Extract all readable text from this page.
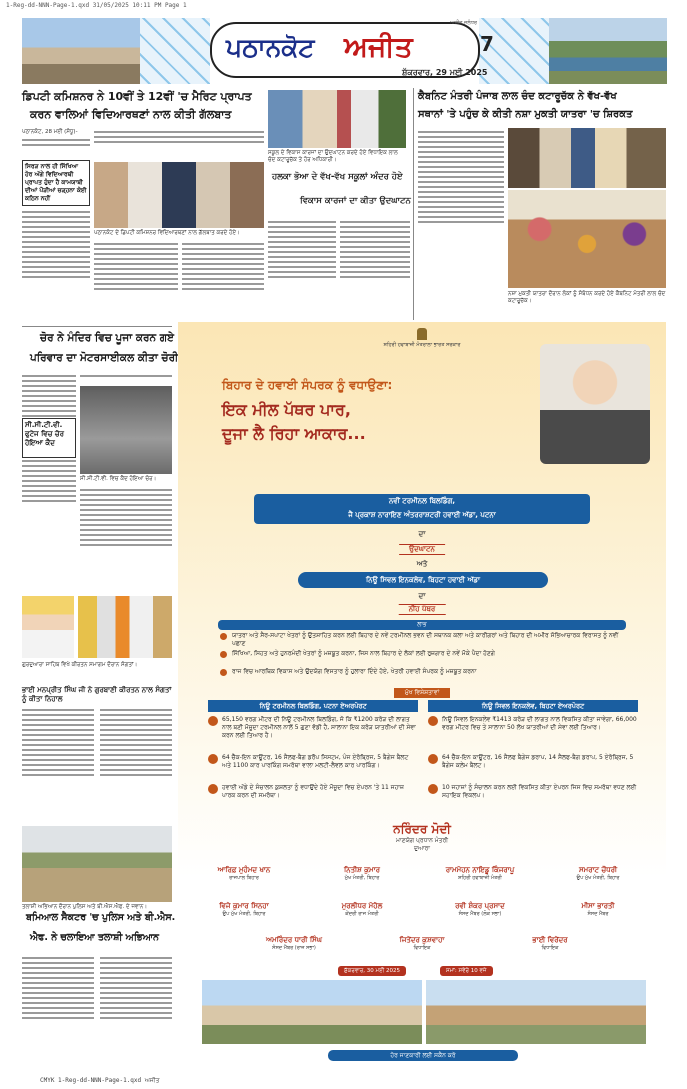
1-Reg-dd-NNN-Page-1.qxd 31/05/2025 10:11 PM Page 1
ਪਠਾਨਕੋਟ ਅਜੀਤ
ਅਜੀਤ ਜਲੰਧਰ
7
ਸ਼ੁੱਕਰਵਾਰ, 29 ਮਈ 2025
ਡਿਪਟੀ ਕਮਿਸ਼ਨਰ ਨੇ 10ਵੀਂ ਤੇ 12ਵੀਂ 'ਚ ਮੈਰਿਟ ਪ੍ਰਾਪਤ
ਕਰਨ ਵਾਲਿਆਂ ਵਿਦਿਆਰਥਣਾਂ ਨਾਲ ਕੀਤੀ ਗੱਲਬਾਤ
ਪਠਾਨਕੋਟ, 28 ਮਈ (ਸੰਧੂ)-
ਸਿਰੜ ਨਾਲ ਹੀ ਸਿੱਖਿਆ ਹੋਰ ਅੱਗੇ ਵਿਦਿਆਰਥੀ ਪ੍ਰਾਪਤ ਹੁੰਦਾ ਹੈ ਕਾਮਯਾਬੀ ਦੀਆਂ ਪੌੜੀਆਂ ਚੜ੍ਹਨਾ ਕੋਈ ਕਠਿਨ ਨਹੀਂ
ਪਠਾਨਕੋਟ ਦੇ ਡਿਪਟੀ ਕਮਿਸ਼ਨਰ ਵਿਦਿਆਰਥਣਾਂ ਨਾਲ ਗੱਲਬਾਤ ਕਰਦੇ ਹੋਏ।
ਸਕੂਲ ਦੇ ਵਿਕਾਸ ਕਾਰਜਾਂ ਦਾ ਉਦਘਾਟਨ ਕਰਦੇ ਹੋਏ ਵਿਧਾਇਕ ਲਾਲ ਚੰਦ ਕਟਾਰੂਚੱਕ ਤੇ ਹੋਰ ਅਧਿਕਾਰੀ।
ਹਲਕਾ ਭੋਆ ਦੇ ਵੱਖ-ਵੱਖ ਸਕੂਲਾਂ ਅੰਦਰ ਹੋਏ
ਵਿਕਾਸ ਕਾਰਜਾਂ ਦਾ ਕੀਤਾ ਉਦਘਾਟਨ
ਕੈਬਨਿਟ ਮੰਤਰੀ ਪੰਜਾਬ ਲਾਲ ਚੰਦ ਕਟਾਰੂਚੱਕ ਨੇ ਵੱਖ-ਵੱਖ
ਸਥਾਨਾਂ 'ਤੇ ਪਹੁੰਚ ਕੇ ਕੀਤੀ ਨਸ਼ਾ ਮੁਕਤੀ ਯਾਤਰਾ 'ਚ ਸ਼ਿਰਕਤ
ਨਸ਼ਾ ਮੁਕਤੀ ਯਾਤਰਾ ਦੌਰਾਨ ਲੋਕਾਂ ਨੂੰ ਸੰਬੋਧਨ ਕਰਦੇ ਹੋਏ ਕੈਬਨਿਟ ਮੰਤਰੀ ਲਾਲ ਚੰਦ ਕਟਾਰੂਚੱਕ।
ਚੋਰ ਨੇ ਮੰਦਿਰ ਵਿਚ ਪੂਜਾ ਕਰਨ ਗਏ
ਪਰਿਵਾਰ ਦਾ ਮੋਟਰਸਾਈਕਲ ਕੀਤਾ ਚੋਰੀ
ਸੀ.ਸੀ.ਟੀ.ਵੀ. ਫੁਟੇਜ ਵਿਚ ਚੋਰ ਹੋਇਆ ਕੈਦ
ਸੀ.ਸੀ.ਟੀ.ਵੀ. ਵਿਚ ਕੈਦ ਹੋਇਆ ਚੋਰ।
ਗੁਰਦੁਆਰਾ ਸਾਹਿਬ ਵਿਖੇ ਕੀਰਤਨ ਸਮਾਗਮ ਦੌਰਾਨ ਸੰਗਤਾਂ।
ਭਾਈ ਮਨਪ੍ਰੀਤ ਸਿੰਘ ਜੀ ਨੇ ਗੁਰਬਾਣੀ ਕੀਰਤਨ ਨਾਲ ਸੰਗਤਾਂ ਨੂੰ ਕੀਤਾ ਨਿਹਾਲ
ਤਲਾਸ਼ੀ ਅਭਿਆਨ ਦੌਰਾਨ ਪੁਲਿਸ ਅਤੇ ਬੀ.ਐਸ.ਐਫ. ਦੇ ਜਵਾਨ।
ਬਮਿਆਲ ਸੈਕਟਰ 'ਚ ਪੁਲਿਸ ਅਤੇ ਬੀ.ਐਸ.
ਐਫ. ਨੇ ਚਲਾਇਆ ਤਲਾਸ਼ੀ ਅਭਿਆਨ
ਸ਼ਹਿਰੀ ਹਵਾਬਾਜ਼ੀ ਮੰਤਰਾਲਾ ਭਾਰਤ ਸਰਕਾਰ
ਬਿਹਾਰ ਦੇ ਹਵਾਈ ਸੰਪਰਕ ਨੂੰ ਵਧਾਉਣਾ:
ਇਕ ਮੀਲ ਪੱਥਰ ਪਾਰ,
ਦੂਜਾ ਲੈ ਰਿਹਾ ਆਕਾਰ...
ਨਵੀਂ ਟਰਮੀਨਲ ਬਿਲਡਿੰਗ,
ਜੈ ਪ੍ਰਕਾਸ਼ ਨਾਰਾਇਣ ਅੰਤਰਰਾਸ਼ਟਰੀ ਹਵਾਈ ਅੱਡਾ, ਪਟਨਾ
ਦਾ
ਉਦਘਾਟਨ
ਅਤੇ
ਨਿਊ ਸਿਵਲ ਇਨਕਲੇਵ, ਬਿਹਟਾ ਹਵਾਈ ਅੱਡਾ
ਦਾ
ਨੀਂਹ ਪੱਥਰ
ਲਾਭ
ਯਾਤਰਾ ਅਤੇ ਸੈਰ-ਸਪਾਟਾ ਖੇਤਰਾਂ ਨੂੰ ਉਤਸ਼ਾਹਿਤ ਕਰਨ ਲਈ ਬਿਹਾਰ ਦੇ ਨਵੇਂ ਟਰਮੀਨਲ ਭਵਨ ਦੀ ਸਥਾਨਕ ਕਲਾ ਅਤੇ ਕਾਰੀਗਰਾਂ ਅਤੇ ਬਿਹਾਰ ਦੀ ਅਮੀਰ ਸੱਭਿਆਚਾਰਕ ਵਿਰਾਸਤ ਨੂੰ ਨਵੀਂ ਪਛਾਣ
ਸਿੱਖਿਆ, ਸਿਹਤ ਅਤੇ ਹੁਨਰਮੰਦੀ ਖੇਤਰਾਂ ਨੂੰ ਮਜ਼ਬੂਤ ਕਰਨਾ, ਜਿਸ ਨਾਲ ਬਿਹਾਰ ਦੇ ਲੋਕਾਂ ਲਈ ਰੁਜ਼ਗਾਰ ਦੇ ਨਵੇਂ ਮੌਕੇ ਪੈਦਾ ਹੋਣਗੇ
ਰਾਜ ਵਿਚ ਆਰਥਿਕ ਵਿਕਾਸ ਅਤੇ ਉਦਯੋਗ ਵਿਸਤਾਰ ਨੂੰ ਹੁਲਾਰਾ ਦਿੰਦੇ ਹੋਏ, ਖੇਤਰੀ ਹਵਾਈ ਸੰਪਰਕ ਨੂੰ ਮਜ਼ਬੂਤ ਕਰਨਾ
ਮੁੱਖ ਵਿਸ਼ੇਸ਼ਤਾਵਾਂ
ਨਿਊ ਟਰਮੀਨਲ ਬਿਲਡਿੰਗ, ਪਟਨਾ ਏਅਰਪੋਰਟ	ਨਿਊ ਸਿਵਲ ਇਨਕਲੇਵ, ਬਿਹਟਾ ਏਅਰਪੋਰਟ
65,150 ਵਰਗ ਮੀਟਰ ਦੀ ਨਿਊ ਟਰਮੀਨਲ ਬਿਲਡਿੰਗ, ਜੋ ਕਿ ₹1200 ਕਰੋੜ ਦੀ ਲਾਗਤ ਨਾਲ ਬਣੀ ਮੌਜੂਦਾ ਟਰਮੀਨਲ ਨਾਲੋਂ 5 ਗੁਣਾ ਵੱਡੀ ਹੈ, ਸਾਲਾਨਾ ਇਕ ਕਰੋੜ ਯਾਤਰੀਆਂ ਦੀ ਸੇਵਾ ਕਰਨ ਲਈ ਤਿਆਰ ਹੈ।
64 ਚੈੱਕ-ਇਨ ਕਾਊਂਟਰ, 16 ਸੈਲਫ-ਬੈਗ ਡਰੌਪ ਸਿਸਟਮ, ਪੰਜ ਏਰੋਬ੍ਰਿਜ, 5 ਬੈਗੇਜ ਬੈਲਟ ਅਤੇ 1100 ਕਾਰ ਪਾਰਕਿੰਗ ਸਮਰੱਥਾ ਵਾਲਾ ਮਲਟੀ-ਲੈਵਲ ਕਾਰ ਪਾਰਕਿੰਗ।
ਹਵਾਈ ਅੱਡੇ ਦੇ ਸੰਚਾਲਨ ਕੁਸ਼ਲਤਾ ਨੂੰ ਵਧਾਉਂਦੇ ਹੋਏ ਮੌਜੂਦਾ ਵਿਚ ਏਪਰਨ 'ਤੇ 11 ਜਹਾਜ਼ ਪਾਰਕ ਕਰਨ ਦੀ ਸਮਰੱਥਾ।
ਨਿਊ ਸਿਵਲ ਇਨਕਲੇਵ ₹1413 ਕਰੋੜ ਦੀ ਲਾਗਤ ਨਾਲ ਵਿਕਸਿਤ ਕੀਤਾ ਜਾਵੇਗਾ, 66,000 ਵਰਗ ਮੀਟਰ ਵਿਚ ਤੇ ਸਾਲਾਨਾ 50 ਲੱਖ ਯਾਤਰੀਆਂ ਦੀ ਸੇਵਾ ਲਈ ਤਿਆਰ।
64 ਚੈੱਕ-ਇਨ ਕਾਊਂਟਰ, 16 ਸੈਲਫ ਬੈਗੇਜ ਡਰਾਪ, 14 ਸੈਲਫ-ਬੈਗ ਡਰਾਪ, 5 ਏਰੋਬ੍ਰਿਜ, 5 ਬੈਗੇਜ ਕਲੇਮ ਬੈਲਟ।
10 ਜਹਾਜ਼ਾਂ ਨੂੰ ਸੰਚਾਲਨ ਕਰਨ ਲਈ ਵਿਕਸਿਤ ਕੀਤਾ ਏਪਰਨ ਜਿਸ ਵਿਚ ਸਮਰੱਥਾ ਵਧਣ ਲਈ ਸਹਾਇਕ ਵਿਕਲਪ।
ਨਰਿੰਦਰ ਮੋਦੀ
ਮਾਣਯੋਗ ਪ੍ਰਧਾਨ ਮੰਤਰੀ
ਦੁਆਰਾ
ਆਰਿਫ਼ ਮੁਹੰਮਦ ਖਾਨ
ਰਾਜਪਾਲ ਬਿਹਾਰ
ਨਿਤੀਸ਼ ਕੁਮਾਰ
ਮੁੱਖ ਮੰਤਰੀ, ਬਿਹਾਰ
ਰਾਮਮੋਹਨ ਨਾਇਡੂ ਕਿੰਜਰਾਪੂ
ਸ਼ਹਿਰੀ ਹਵਾਬਾਜ਼ੀ ਮੰਤਰੀ
ਸਮਰਾਟ ਚੌਧਰੀ
ਉਪ ਮੁੱਖ ਮੰਤਰੀ, ਬਿਹਾਰ
ਵਿਜੇ ਕੁਮਾਰ ਸਿਨਹਾ
ਉਪ ਮੁੱਖ ਮੰਤਰੀ, ਬਿਹਾਰ
ਮੁਰਲੀਧਰ ਮੋਹੋਲ
ਕੇਂਦਰੀ ਰਾਜ ਮੰਤਰੀ
ਰਵੀ ਸ਼ੰਕਰ ਪ੍ਰਸਾਦ
ਸੰਸਦ ਮੈਂਬਰ (ਲੋਕ ਸਭਾ)
ਮੀਸਾ ਭਾਰਤੀ
ਸੰਸਦ ਮੈਂਬਰ
ਅਮਰਿੰਦਰ ਧਾਰੀ ਸਿੰਘ
ਸੰਸਦ ਮੈਂਬਰ (ਰਾਜ ਸਭਾ)
ਜਿਤੇਂਦਰ ਕੁਸ਼ਵਾਹਾ
ਵਿਧਾਇਕ
ਭਾਈ ਵਿਰੇਂਦਰ
ਵਿਧਾਇਕ
ਸ਼ੁੱਕਰਵਾਰ, 30 ਮਈ 2025	ਸਮਾਂ: ਸਵੇਰੇ 10 ਵਜੇ
ਹੋਰ ਜਾਣਕਾਰੀ ਲਈ ਸਕੈਨ ਕਰੋ
CMYK 1-Reg-dd-NNN-Page-1.qxd ਅਜੀਤ
